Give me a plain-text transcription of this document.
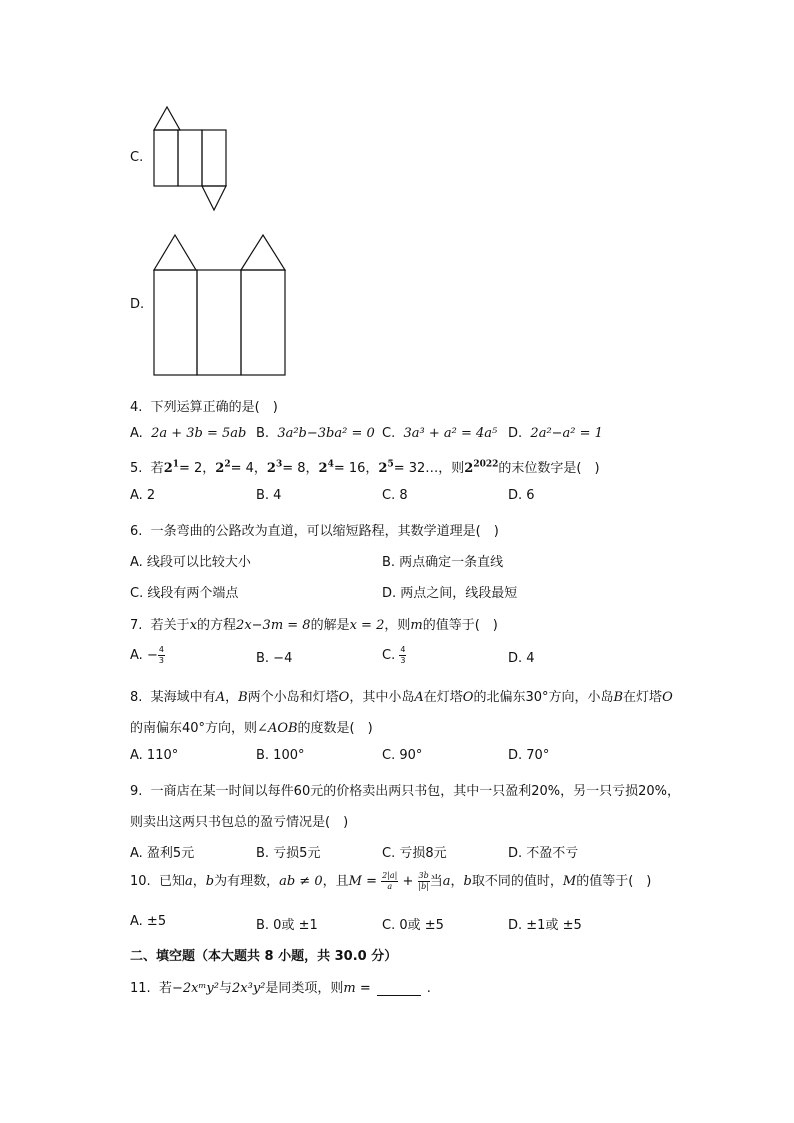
C.
D.
4. 下列运算正确的是(　)
A. 2a + 3b = 5ab B. 3a²b−3ba² = 0 C. 3a³ + a² = 4a⁵ D. 2a²−a² = 1
5. 若$2^1= 2$，$2^2= 4$，$2^3= 8$，$2^4= 16$，$2^5=$ 32…，则$2^{2022}$的末位数字是(　)
A. 2	B. 4	C. 8	D. 6
6. 一条弯曲的公路改为直道，可以缩短路程，其数学道理是(　)
A. 线段可以比较大小	B. 两点确定一条直线
C. 线段有两个端点	D. 两点之间，线段最短
7. 若关于x的方程2x−3m = 8的解是x = 2，则m的值等于(　)
A. − $\frac{4}{3}$	B. −4	C. $\frac{4}{3}$	D. 4
8. 某海域中有A，B两个小岛和灯塔O，其中小岛A在灯塔O的北偏东30°方向，小岛B在灯塔O
的南偏东40°方向，则∠AOB的度数是(　)
A. 110°	B. 100°	C. 90°	D. 70°
9. 一商店在某一时间以每件60元的价格卖出两只书包，其中一只盈利20%，另一只亏损20%，
则卖出这两只书包总的盈亏情况是(　)
A. 盈利5元	B. 亏损5元	C. 亏损8元	D. 不盈不亏
10. 已知a，b为有理数，ab ≠ 0，且$M = \frac{2|a|}{a} + \frac{3b}{|b|}$ 当a，b取不同的值时，M的值等于(　)
A. ±5	B. 0或 ±1	C. 0或 ±5	D. ±1或 ±5
二、填空题（本大题共 8 小题，共 30.0 分）
11. 若−2xᵐy²与2x³y²是同类项，则m =	.
